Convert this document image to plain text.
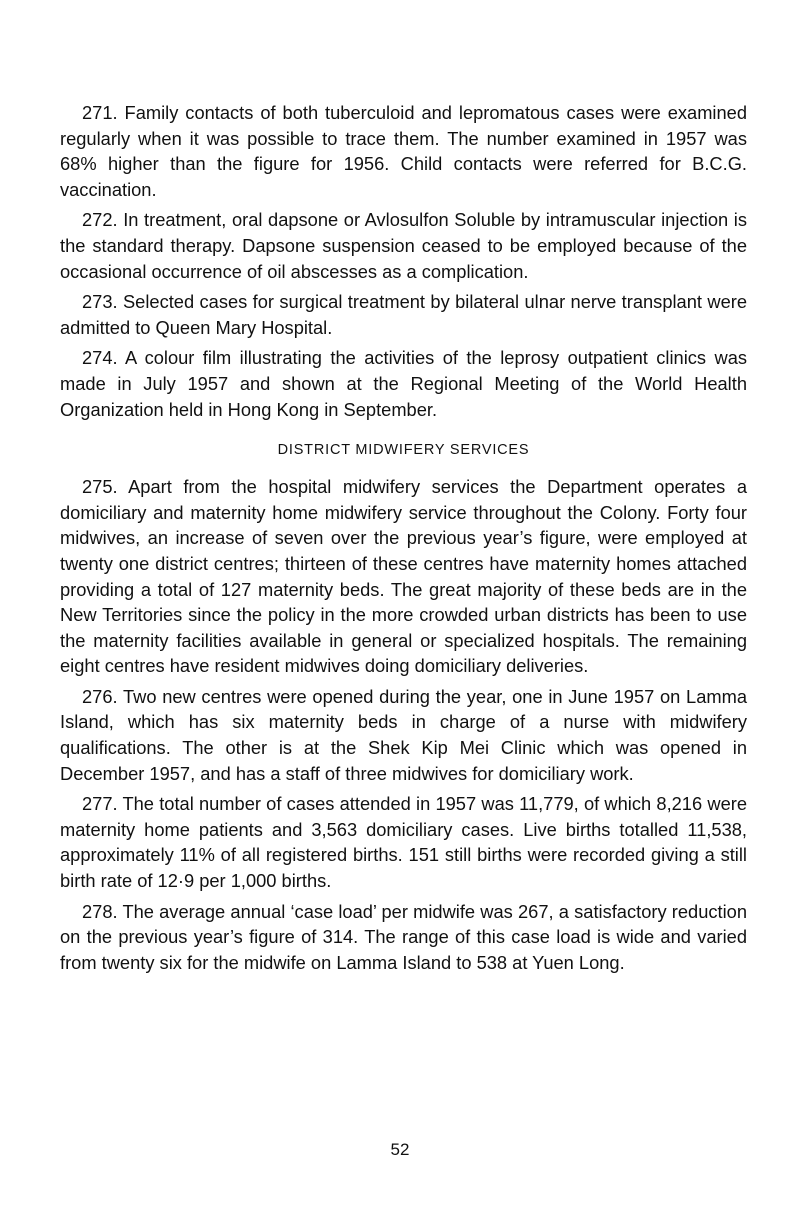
271. Family contacts of both tuberculoid and lepromatous cases were examined regularly when it was possible to trace them. The number examined in 1957 was 68% higher than the figure for 1956. Child contacts were referred for B.C.G. vaccination.

272. In treatment, oral dapsone or Avlosulfon Soluble by intramuscular injection is the standard therapy. Dapsone suspension ceased to be employed because of the occasional occurrence of oil abscesses as a complication.

273. Selected cases for surgical treatment by bilateral ulnar nerve transplant were admitted to Queen Mary Hospital.

274. A colour film illustrating the activities of the leprosy outpatient clinics was made in July 1957 and shown at the Regional Meeting of the World Health Organization held in Hong Kong in September.

DISTRICT MIDWIFERY SERVICES

275. Apart from the hospital midwifery services the Department operates a domiciliary and maternity home midwifery service throughout the Colony. Forty four midwives, an increase of seven over the previous year’s figure, were employed at twenty one district centres; thirteen of these centres have maternity homes attached providing a total of 127 maternity beds. The great majority of these beds are in the New Territories since the policy in the more crowded urban districts has been to use the maternity facilities available in general or specialized hospitals. The remaining eight centres have resident midwives doing domiciliary deliveries.

276. Two new centres were opened during the year, one in June 1957 on Lamma Island, which has six maternity beds in charge of a nurse with midwifery qualifications. The other is at the Shek Kip Mei Clinic which was opened in December 1957, and has a staff of three midwives for domiciliary work.

277. The total number of cases attended in 1957 was 11,779, of which 8,216 were maternity home patients and 3,563 domiciliary cases. Live births totalled 11,538, approximately 11% of all registered births. 151 still births were recorded giving a still birth rate of 12·9 per 1,000 births.

278. The average annual ‘case load’ per midwife was 267, a satisfactory reduction on the previous year’s figure of 314. The range of this case load is wide and varied from twenty six for the midwife on Lamma Island to 538 at Yuen Long.

52
